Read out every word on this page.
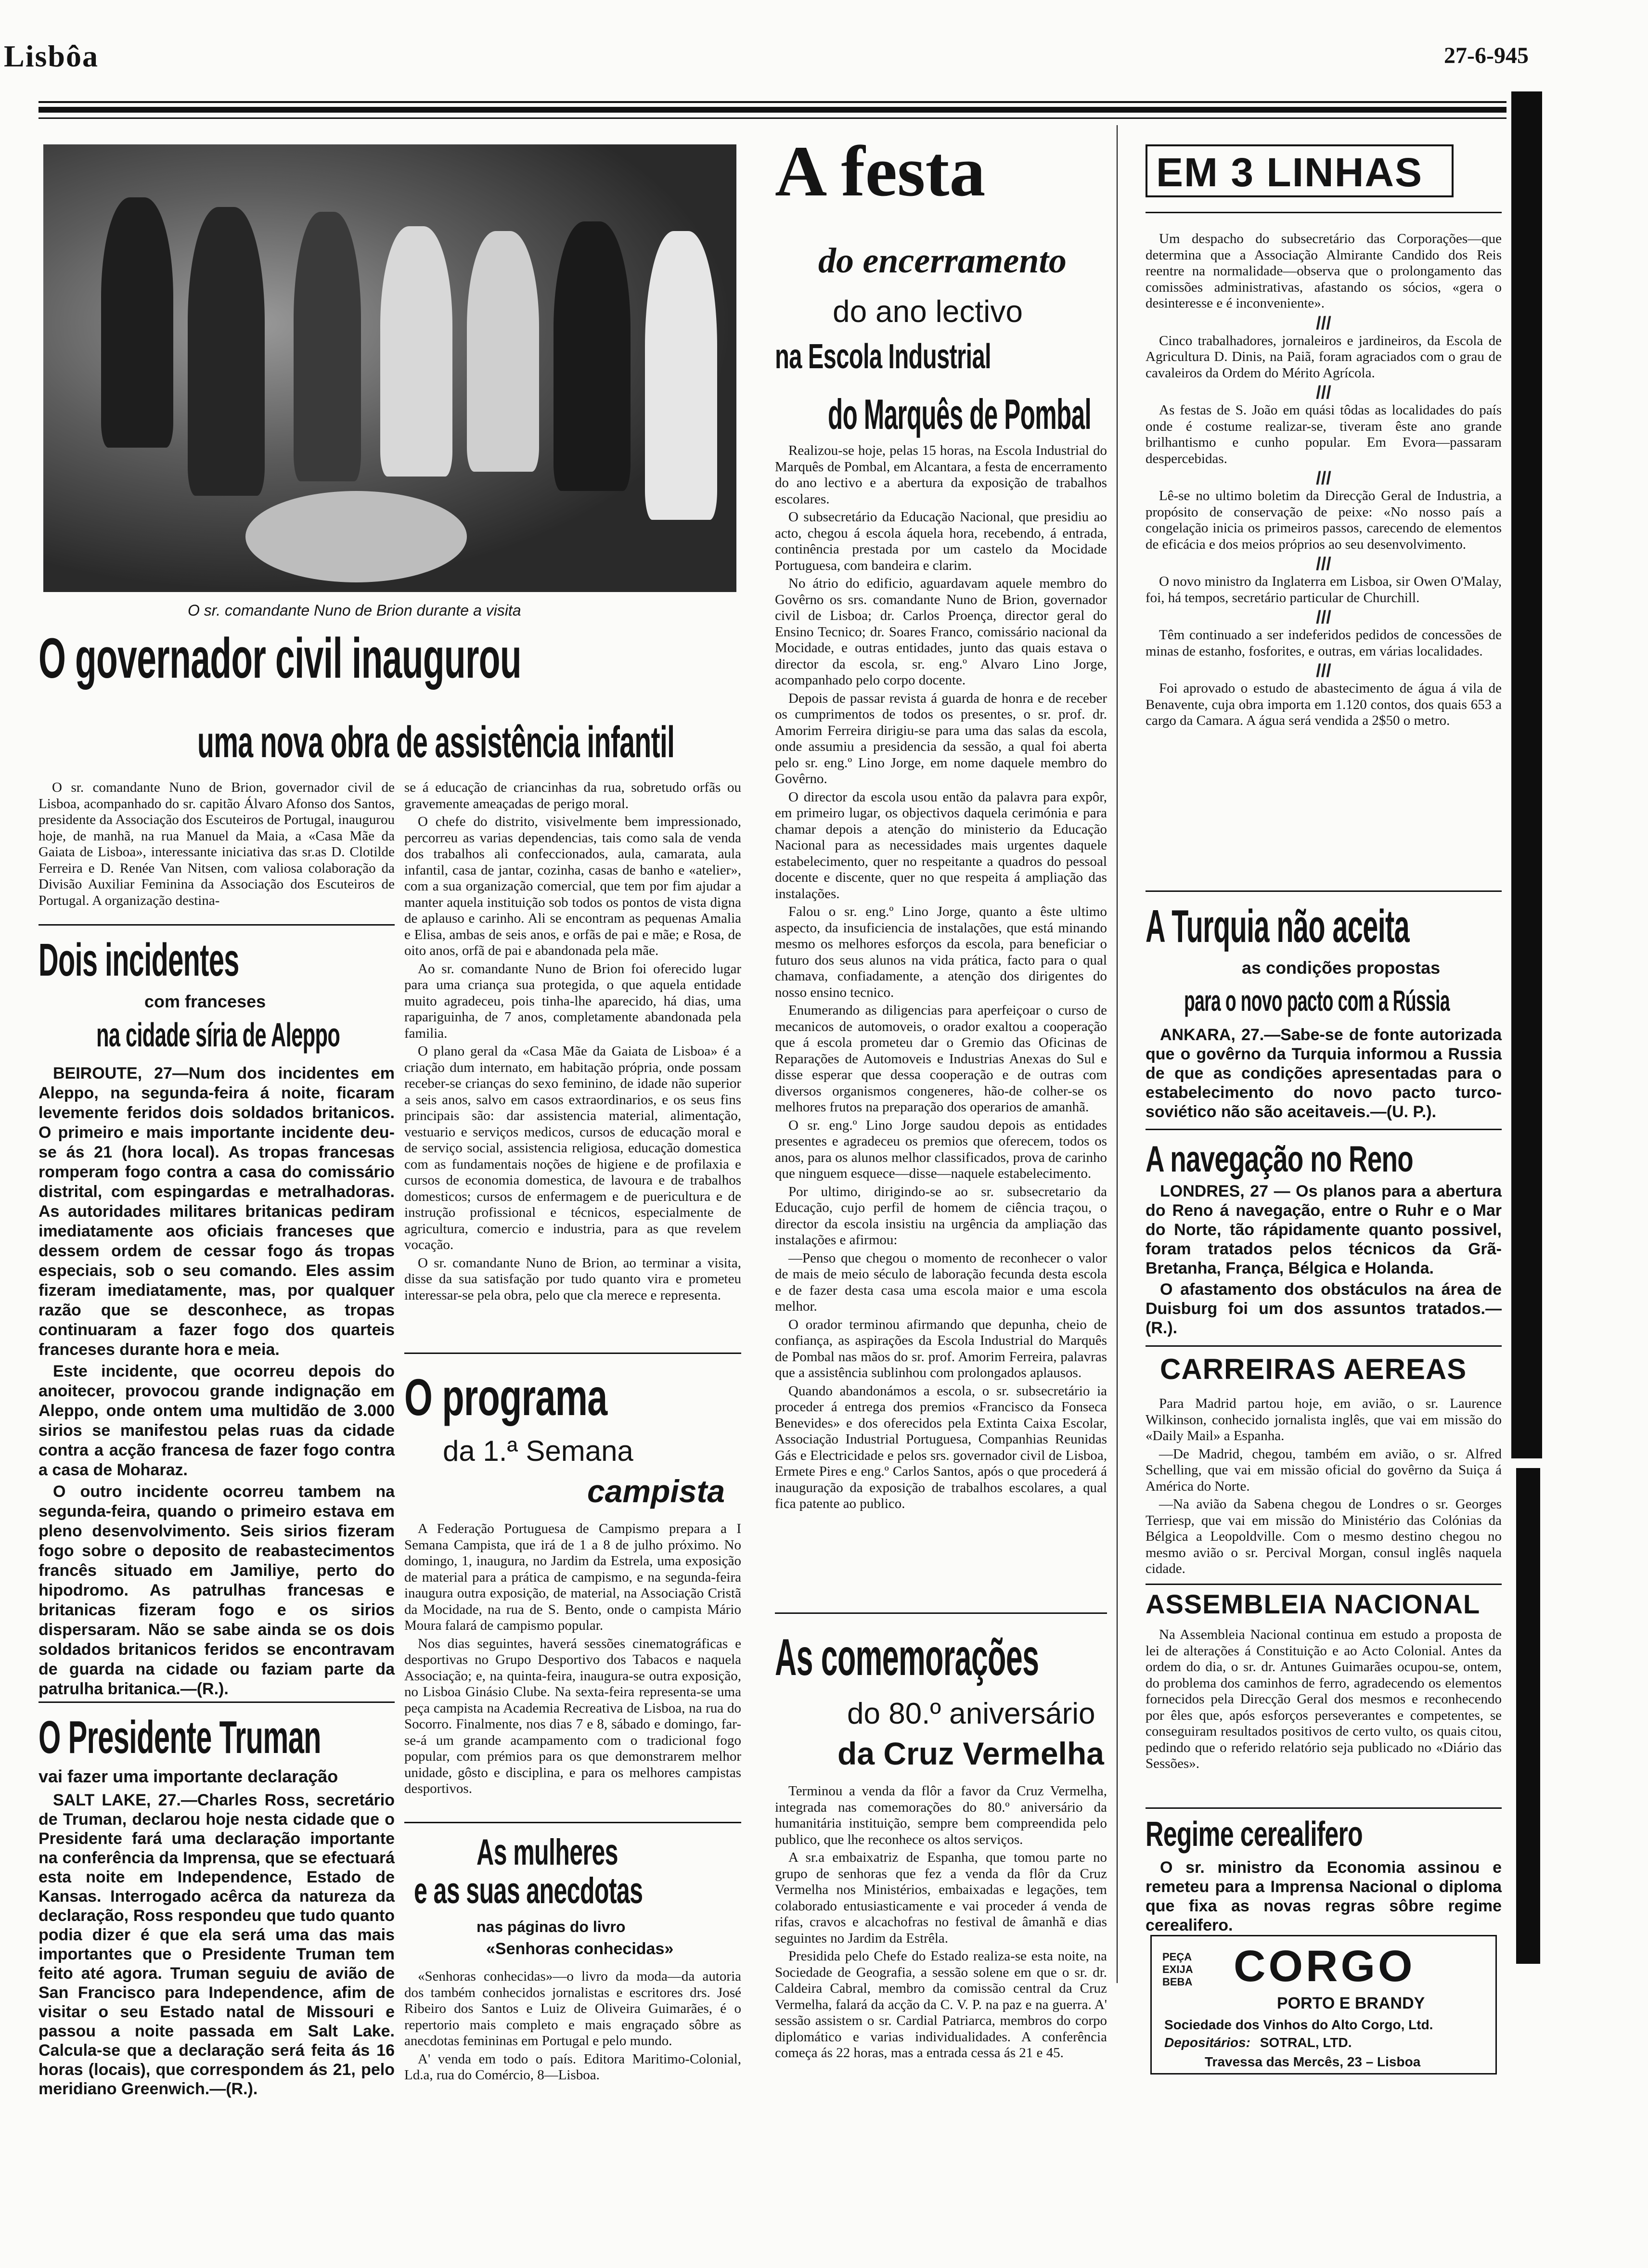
Lisbôa	27-6-945
O sr. comandante Nuno de Brion durante a visita
O governador civil inaugurou
uma nova obra de assistência infantil

O sr. comandante Nuno de Brion, governador civil de Lisboa, acompanhado do sr. capitão Álvaro Afonso dos Santos, presidente da Associação dos Escuteiros de Portugal, inaugurou hoje, de manhã, na rua Manuel da Maia, a «Casa Mãe da Gaiata de Lisboa», interessante iniciativa das sr.as D. Clotilde Ferreira e D. Renée Van Nitsen, com valiosa colaboração da Divisão Auxiliar Feminina da Associação dos Escuteiros de Portugal. A organização destina-

se á educação de criancinhas da rua, sobretudo orfãs ou gravemente ameaçadas de perigo moral.

O chefe do distrito, visivelmente bem impressionado, percorreu as varias dependencias, tais como sala de venda dos trabalhos ali confeccionados, aula, camarata, aula infantil, casa de jantar, cozinha, casas de banho e «atelier», com a sua organização comercial, que tem por fim ajudar a manter aquela instituição sob todos os pontos de vista digna de aplauso e carinho. Ali se encontram as pequenas Amalia e Elisa, ambas de seis anos, e orfãs de pai e mãe; e Rosa, de oito anos, orfã de pai e abandonada pela mãe.

Ao sr. comandante Nuno de Brion foi oferecido lugar para uma criança sua protegida, o que aquela entidade muito agradeceu, pois tinha-lhe aparecido, há dias, uma rapariguinha, de 7 anos, completamente abandonada pela familia.

O plano geral da «Casa Mãe da Gaiata de Lisboa» é a criação dum internato, em habitação própria, onde possam receber-se crianças do sexo feminino, de idade não superior a seis anos, salvo em casos extraordinarios, e os seus fins principais são: dar assistencia material, alimentação, vestuario e serviços medicos, cursos de educação moral e de serviço social, assistencia religiosa, educação domestica com as fundamentais noções de higiene e de profilaxia e cursos de economia domestica, de lavoura e de trabalhos domesticos; cursos de enfermagem e de puericultura e de instrução profissional e técnicos, especialmente de agricultura, comercio e industria, para as que revelem vocação.

O sr. comandante Nuno de Brion, ao terminar a visita, disse da sua satisfação por tudo quanto vira e prometeu interessar-se pela obra, pelo que cla merece e representa.

Dois incidentes
com franceses
na cidade síria de Aleppo

BEIROUTE, 27—Num dos incidentes em Aleppo, na segunda-feira á noite, ficaram levemente feridos dois soldados britanicos. O primeiro e mais importante incidente deu-se ás 21 (hora local). As tropas francesas romperam fogo contra a casa do comissário distrital, com espingardas e metralhadoras. As autoridades militares britanicas pediram imediatamente aos oficiais franceses que dessem ordem de cessar fogo ás tropas especiais, sob o seu comando. Eles assim fizeram imediatamente, mas, por qualquer razão que se desconhece, as tropas continuaram a fazer fogo dos quarteis franceses durante hora e meia.

Este incidente, que ocorreu depois do anoitecer, provocou grande indignação em Aleppo, onde ontem uma multidão de 3.000 sirios se manifestou pelas ruas da cidade contra a acção francesa de fazer fogo contra a casa de Moharaz.

O outro incidente ocorreu tambem na segunda-feira, quando o primeiro estava em pleno desenvolvimento. Seis sirios fizeram fogo sobre o deposito de reabastecimentos francês situado em Jamiliye, perto do hipodromo. As patrulhas francesas e britanicas fizeram fogo e os sirios dispersaram. Não se sabe ainda se os dois soldados britanicos feridos se encontravam de guarda na cidade ou faziam parte da patrulha britanica.—(R.).

O Presidente Truman
vai fazer uma importante declaração

SALT LAKE, 27.—Charles Ross, secretário de Truman, declarou hoje nesta cidade que o Presidente fará uma declaração importante na conferência da Imprensa, que se efectuará esta noite em Independence, Estado de Kansas. Interrogado acêrca da natureza da declaração, Ross respondeu que tudo quanto podia dizer é que ela será uma das mais importantes que o Presidente Truman tem feito até agora. Truman seguiu de avião de San Francisco para Independence, afim de visitar o seu Estado natal de Missouri e passou a noite passada em Salt Lake. Calcula-se que a declaração será feita ás 16 horas (locais), que correspondem ás 21, pelo meridiano Greenwich.—(R.).

O programa
da 1.ª Semana
campista

A Federação Portuguesa de Campismo prepara a I Semana Campista, que irá de 1 a 8 de julho próximo. No domingo, 1, inaugura, no Jardim da Estrela, uma exposição de material para a prática de campismo, e na segunda-feira inaugura outra exposição, de material, na Associação Cristã da Mocidade, na rua de S. Bento, onde o campista Mário Moura falará de campismo popular.

Nos dias seguintes, haverá sessões cinematográficas e desportivas no Grupo Desportivo dos Tabacos e naquela Associação; e, na quinta-feira, inaugura-se outra exposição, no Lisboa Ginásio Clube. Na sexta-feira representa-se uma peça campista na Academia Recreativa de Lisboa, na rua do Socorro. Finalmente, nos dias 7 e 8, sábado e domingo, far-se-á um grande acampamento com o tradicional fogo popular, com prémios para os que demonstrarem melhor unidade, gôsto e disciplina, e para os melhores campistas desportivos.

As mulheres
e as suas anecdotas
nas páginas do livro
«Senhoras conhecidas»

«Senhoras conhecidas»—o livro da moda—da autoria dos também conhecidos jornalistas e escritores drs. José Ribeiro dos Santos e Luiz de Oliveira Guimarães, é o repertorio mais completo e mais engraçado sôbre as anecdotas femininas em Portugal e pelo mundo.

A' venda em todo o país. Editora Maritimo-Colonial, Ld.a, rua do Comércio, 8—Lisboa.

A festa
do encerramento
do ano lectivo
na Escola Industrial
do Marquês de Pombal

Realizou-se hoje, pelas 15 horas, na Escola Industrial do Marquês de Pombal, em Alcantara, a festa de encerramento do ano lectivo e a abertura da exposição de trabalhos escolares.

O subsecretário da Educação Nacional, que presidiu ao acto, chegou á escola áquela hora, recebendo, á entrada, continência prestada por um castelo da Mocidade Portuguesa, com bandeira e clarim.

No átrio do edificio, aguardavam aquele membro do Govêrno os srs. comandante Nuno de Brion, governador civil de Lisboa; dr. Carlos Proença, director geral do Ensino Tecnico; dr. Soares Franco, comissário nacional da Mocidade, e outras entidades, junto das quais estava o director da escola, sr. eng.º Alvaro Lino Jorge, acompanhado pelo corpo docente.

Depois de passar revista á guarda de honra e de receber os cumprimentos de todos os presentes, o sr. prof. dr. Amorim Ferreira dirigiu-se para uma das salas da escola, onde assumiu a presidencia da sessão, a qual foi aberta pelo sr. eng.º Lino Jorge, em nome daquele membro do Govêrno.

O director da escola usou então da palavra para expôr, em primeiro lugar, os objectivos daquela cerimónia e para chamar depois a atenção do ministerio da Educação Nacional para as necessidades mais urgentes daquele estabelecimento, quer no respeitante a quadros do pessoal docente e discente, quer no que respeita á ampliação das instalações.

Falou o sr. eng.º Lino Jorge, quanto a êste ultimo aspecto, da insuficiencia de instalações, que está minando mesmo os melhores esforços da escola, para beneficiar o futuro dos seus alunos na vida prática, facto para o qual chamava, confiadamente, a atenção dos dirigentes do nosso ensino tecnico.

Enumerando as diligencias para aperfeiçoar o curso de mecanicos de automoveis, o orador exaltou a cooperação que á escola prometeu dar o Gremio das Oficinas de Reparações de Automoveis e Industrias Anexas do Sul e disse esperar que dessa cooperação e de outras com diversos organismos congeneres, hão-de colher-se os melhores frutos na preparação dos operarios de amanhã.

O sr. eng.º Lino Jorge saudou depois as entidades presentes e agradeceu os premios que oferecem, todos os anos, para os alunos melhor classificados, prova de carinho que ninguem esquece—disse—naquele estabelecimento.

Por ultimo, dirigindo-se ao sr. subsecretario da Educação, cujo perfil de homem de ciência traçou, o director da escola insistiu na urgência da ampliação das instalações e afirmou:

—Penso que chegou o momento de reconhecer o valor de mais de meio século de laboração fecunda desta escola e de fazer desta casa uma escola maior e uma escola melhor.

O orador terminou afirmando que depunha, cheio de confiança, as aspirações da Escola Industrial do Marquês de Pombal nas mãos do sr. prof. Amorim Ferreira, palavras que a assistência sublinhou com prolongados aplausos.

Quando abandonámos a escola, o sr. subsecretário ia proceder á entrega dos premios «Francisco da Fonseca Benevides» e dos oferecidos pela Extinta Caixa Escolar, Associação Industrial Portuguesa, Companhias Reunidas Gás e Electricidade e pelos srs. governador civil de Lisboa, Ermete Pires e eng.º Carlos Santos, após o que procederá á inauguração da exposição de trabalhos escolares, a qual fica patente ao publico.

As comemorações
do 80.º aniversário
da Cruz Vermelha

Terminou a venda da flôr a favor da Cruz Vermelha, integrada nas comemorações do 80.º aniversário da humanitária instituição, sempre bem compreendida pelo publico, que lhe reconhece os altos serviços.

A sr.a embaixatriz de Espanha, que tomou parte no grupo de senhoras que fez a venda da flôr da Cruz Vermelha nos Ministérios, embaixadas e legações, tem colaborado entusiasticamente e vai proceder á venda de rifas, cravos e alcachofras no festival de âmanhã e dias seguintes no Jardim da Estrêla.

Presidida pelo Chefe do Estado realiza-se esta noite, na Sociedade de Geografia, a sessão solene em que o sr. dr. Caldeira Cabral, membro da comissão central da Cruz Vermelha, falará da acção da C. V. P. na paz e na guerra. A' sessão assistem o sr. Cardial Patriarca, membros do corpo diplomático e varias individualidades. A conferência começa ás 22 horas, mas a entrada cessa ás 21 e 45.

EM 3 LINHAS

Um despacho do subsecretário das Corporações—que determina que a Associação Almirante Candido dos Reis reentre na normalidade—observa que o prolongamento das comissões administrativas, afastando os sócios, «gera o desinteresse e é inconveniente».

///

Cinco trabalhadores, jornaleiros e jardineiros, da Escola de Agricultura D. Dinis, na Paiã, foram agraciados com o grau de cavaleiros da Ordem do Mérito Agrícola.

///

As festas de S. João em quási tôdas as localidades do país onde é costume realizar-se, tiveram êste ano grande brilhantismo e cunho popular. Em Evora—passaram despercebidas.

///

Lê-se no ultimo boletim da Direcção Geral de Industria, a propósito de conservação de peixe: «No nosso país a congelação inicia os primeiros passos, carecendo de elementos de eficácia e dos meios próprios ao seu desenvolvimento.

///

O novo ministro da Inglaterra em Lisboa, sir Owen O'Malay, foi, há tempos, secretário particular de Churchill.

///

Têm continuado a ser indeferidos pedidos de concessões de minas de estanho, fosforites, e outras, em várias localidades.

///

Foi aprovado o estudo de abastecimento de água á vila de Benavente, cuja obra importa em 1.120 contos, dos quais 653 a cargo da Camara. A água será vendida a 2$50 o metro.

A Turquia não aceita
as condições propostas
para o novo pacto com a Rússia

ANKARA, 27.—Sabe-se de fonte autorizada que o govêrno da Turquia informou a Russia de que as condições apresentadas para o estabelecimento do novo pacto turco-soviético não são aceitaveis.—(U. P.).

A navegação no Reno

LONDRES, 27 — Os planos para a abertura do Reno á navegação, entre o Ruhr e o Mar do Norte, tão rápidamente quanto possivel, foram tratados pelos técnicos da Grã-Bretanha, França, Bélgica e Holanda.

O afastamento dos obstáculos na área de Duisburg foi um dos assuntos tratados.—(R.).

CARREIRAS AEREAS

Para Madrid partou hoje, em avião, o sr. Laurence Wilkinson, conhecido jornalista inglês, que vai em missão do «Daily Mail» a Espanha.

—De Madrid, chegou, também em avião, o sr. Alfred Schelling, que vai em missão oficial do govêrno da Suiça á América do Norte.

—Na avião da Sabena chegou de Londres o sr. Georges Terriesp, que vai em missão do Ministério das Colónias da Bélgica a Leopoldville. Com o mesmo destino chegou no mesmo avião o sr. Percival Morgan, consul inglês naquela cidade.

ASSEMBLEIA NACIONAL

Na Assembleia Nacional continua em estudo a proposta de lei de alterações á Constituição e ao Acto Colonial. Antes da ordem do dia, o sr. dr. Antunes Guimarães ocupou-se, ontem, do problema dos caminhos de ferro, agradecendo os elementos fornecidos pela Direcção Geral dos mesmos e reconhecendo por êles que, após esforços perseverantes e competentes, se conseguiram resultados positivos de certo vulto, os quais citou, pedindo que o referido relatório seja publicado no «Diário das Sessões».

Regime cerealifero

O sr. ministro da Economia assinou e remeteu para a Imprensa Nacional o diploma que fixa as novas regras sôbre regime cerealifero.

PEÇA
EXIJA
BEBA CORGO
PORTO E BRANDY
Sociedade dos Vinhos do Alto Corgo, Ltd.
Depositários: SOTRAL, LTD.
Travessa das Mercês, 23 – Lisboa
